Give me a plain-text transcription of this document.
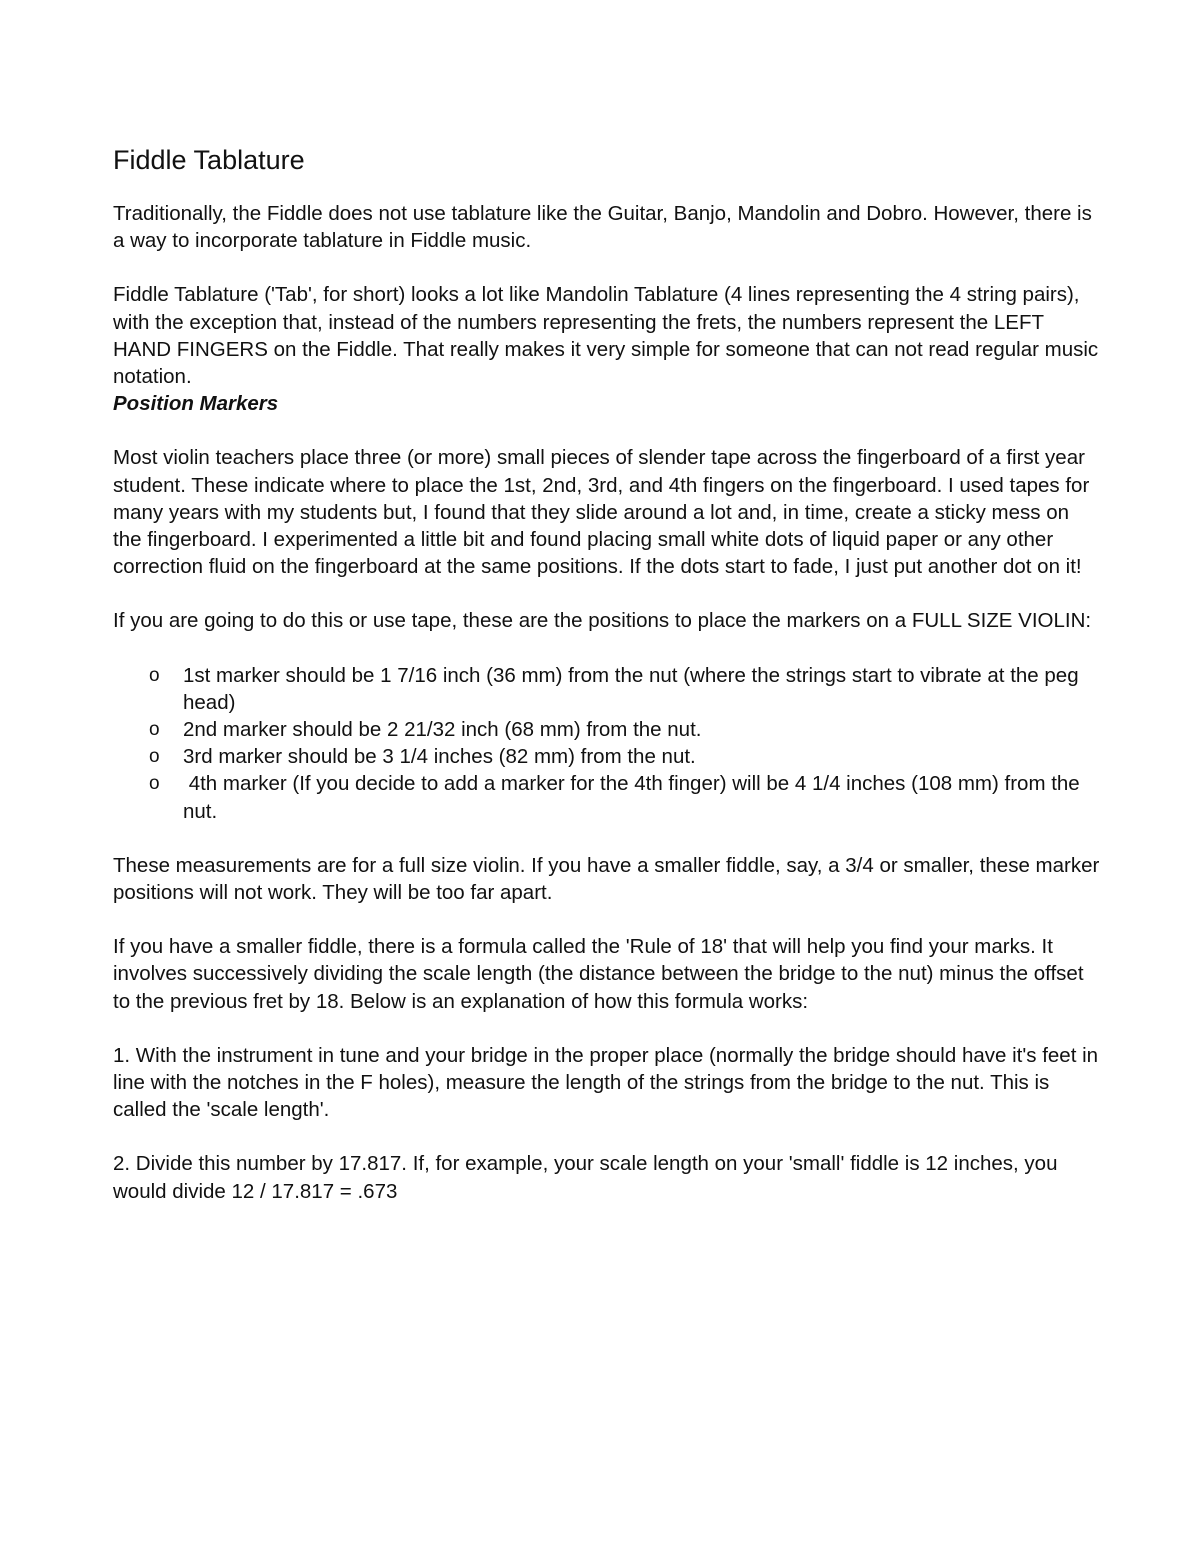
Fiddle Tablature

Traditionally, the Fiddle does not use tablature like the Guitar, Banjo, Mandolin and Dobro. However, there is a way to incorporate tablature in Fiddle music.

Fiddle Tablature ('Tab', for short) looks a lot like Mandolin Tablature (4 lines representing the 4 string pairs), with the exception that, instead of the numbers representing the frets, the numbers represent the LEFT HAND FINGERS on the Fiddle. That really makes it very simple for someone that can not read regular music notation.

Position Markers

Most violin teachers place three (or more) small pieces of slender tape across the fingerboard of a first year student. These indicate where to place the 1st, 2nd, 3rd, and 4th fingers on the fingerboard. I used tapes for many years with my students but, I found that they slide around a lot and, in time, create a sticky mess on the fingerboard. I experimented a little bit and found placing small white dots of liquid paper or any other correction fluid on the fingerboard at the same positions. If the dots start to fade, I just put another dot on it!

If you are going to do this or use tape, these are the positions to place the markers on a FULL SIZE VIOLIN:

o 1st marker should be 1 7/16 inch (36 mm) from the nut (where the strings start to vibrate at the peg head)
o 2nd marker should be 2 21/32 inch (68 mm) from the nut.
o 3rd marker should be 3 1/4 inches (82 mm) from the nut.
o 4th marker (If you decide to add a marker for the 4th finger) will be 4 1/4 inches (108 mm) from the nut.

These measurements are for a full size violin. If you have a smaller fiddle, say, a 3/4 or smaller, these marker positions will not work. They will be too far apart.

If you have a smaller fiddle, there is a formula called the 'Rule of 18' that will help you find your marks. It involves successively dividing the scale length (the distance between the bridge to the nut) minus the offset to the previous fret by 18. Below is an explanation of how this formula works:

1. With the instrument in tune and your bridge in the proper place (normally the bridge should have it's feet in line with the notches in the F holes), measure the length of the strings from the bridge to the nut. This is called the 'scale length'.

2. Divide this number by 17.817. If, for example, your scale length on your 'small' fiddle is 12 inches, you would divide 12 / 17.817 = .673
